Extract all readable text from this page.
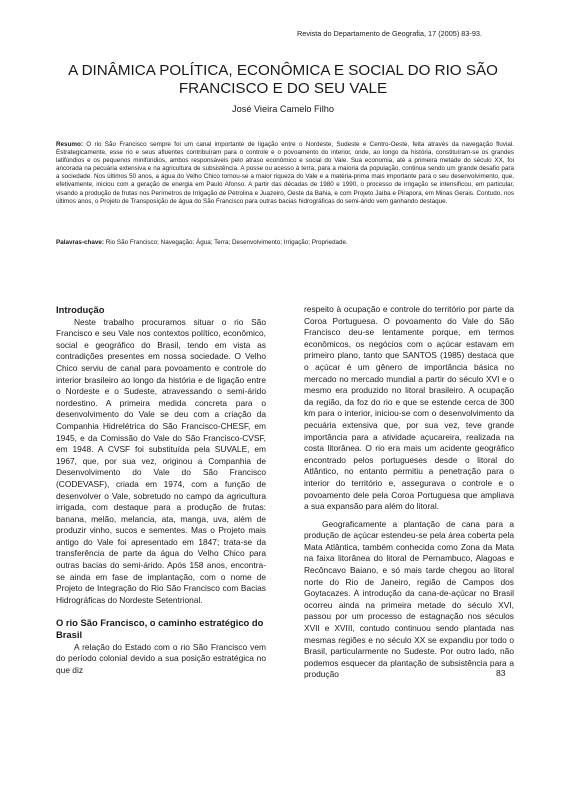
Revista do Departamento de Geografia, 17 (2005) 83-93.
A DINÂMICA POLÍTICA, ECONÔMICA E SOCIAL DO RIO SÃO FRANCISCO E DO SEU VALE
José Vieira Camelo Filho
Resumo: O rio São Francisco sempre foi um canal importante de ligação entre o Nordeste, Sudeste e Centro-Oeste, feita através da navegação fluvial. Estrategicamente, esse rio e seus afluentes contribuíram para o controle e o povoamento do interior, onde, ao longo da história, constituíram-se os grandes latifúndios e os pequenos minifúndios, ambos responsáveis pelo atraso econômico e social do Vale. Sua economia, até a primeira metade do século XX, foi ancorada na pecuária extensiva e na agricultura de subsistência. A posse ou acesso à terra, para a maioria da população, continua sendo um grande desafio para a sociedade. Nos últimos 50 anos, a água do Velho Chico tornou-se a maior riqueza do Vale e a matéria-prima mais importante para o seu desenvolvimento, que, efetivamente, iniciou com a geração de energia em Paulo Afonso. A partir das décadas de 1980 e 1990, o processo de irrigação se intensificou, em particular, visando a produção de frutas nos Perímetros de Irrigação de Petrolina e Juazeiro, Oeste da Bahia, e com Projeto Jaíba e Pirapora, em Minas Gerais. Contudo, nos últimos anos, o Projeto de Transposição de água do São Francisco para outras bacias hidrográficas do semi-árido vem ganhando destaque.
Palavras-chave: Rio São Francisco; Navegação; Água; Terra; Desenvolvimento; Irrigação; Propriedade.
Introdução

Neste trabalho procuramos situar o rio São Francisco e seu Vale nos contextos político, econômico, social e geográfico do Brasil, tendo em vista as contradições presentes em nossa sociedade. O Velho Chico serviu de canal para povoamento e controle do interior brasileiro ao longo da história e de ligação entre o Nordeste e o Sudeste, atravessando o semi-árido nordestino. A primeira medida concreta para o desenvolvimento do Vale se deu com a criação da Companhia Hidrelétrica do São Francisco-CHESF, em 1945, e da Comissão do Vale do São Francisco-CVSF, em 1948. A CVSF foi substituída pela SUVALE, em 1967, que, por sua vez, originou a Companhia de Desenvolvimento do Vale do São Francisco (CODEVASF), criada em 1974, com a função de desenvolver o Vale, sobretudo no campo da agricultura irrigada, com destaque para a produção de frutas: banana, melão, melancia, ata, manga, uva, além de produzir vinho, sucos e sementes. Mas o Projeto mais antigo do Vale foi apresentado em 1847; trata-se da transferência de parte da água do Velho Chico para outras bacias do semi-árido. Após 158 anos, encontra-se ainda em fase de implantação, com o nome de Projeto de Integração do Rio São Francisco com Bacias Hidrográficas do Nordeste Setentrional.

O rio São Francisco, o caminho estratégico do Brasil

A relação do Estado com o rio São Francisco vem do período colonial devido a sua posição estratégica no que diz

respeito à ocupação e controle do território por parte da Coroa Portuguesa. O povoamento do Vale do São Francisco deu-se lentamente porque, em termos econômicos, os negócios com o açúcar estavam em primeiro plano, tanto que SANTOS (1985) destaca que o açúcar é um gênero de importância básica no mercado no mercado mundial a partir do século XVI e o mesmo era produzido no litoral brasileiro. A ocupação da região, da foz do rio e que se estende cerca de 300 km para o interior, iniciou-se com o desenvolvimento da pecuária extensiva que, por sua vez, teve grande importância para a atividade açucareira, realizada na costa litorânea. O rio era mais um acidente geográfico encontrado pelos portugueses desde o litoral do Atlântico, no entanto permitiu a penetração para o interior do território e, assegurava o controle e o povoamento dele pela Coroa Portuguesa que ampliava a sua expansão para além do litoral.

Geograficamente a plantação de cana para a produção de açúcar estendeu-se pela área coberta pela Mata Atlântica, também conhecida como Zona da Mata na faixa litorânea do litoral de Pernambuco, Alagoas e Recôncavo Baiano, e só mais tarde chegou ao litoral norte do Rio de Janeiro, região de Campos dos Goytacazes. A introdução da cana-de-açúcar no Brasil ocorreu ainda na primeira metade do século XVI, passou por um processo de estagnação nos séculos XVII e XVIII, contudo continuou sendo plantada nas mesmas regiões e no século XX se expandiu por todo o Brasil, particularmente no Sudeste. Por outro lado, não podemos esquecer da plantação de subsistência para a produção	83
